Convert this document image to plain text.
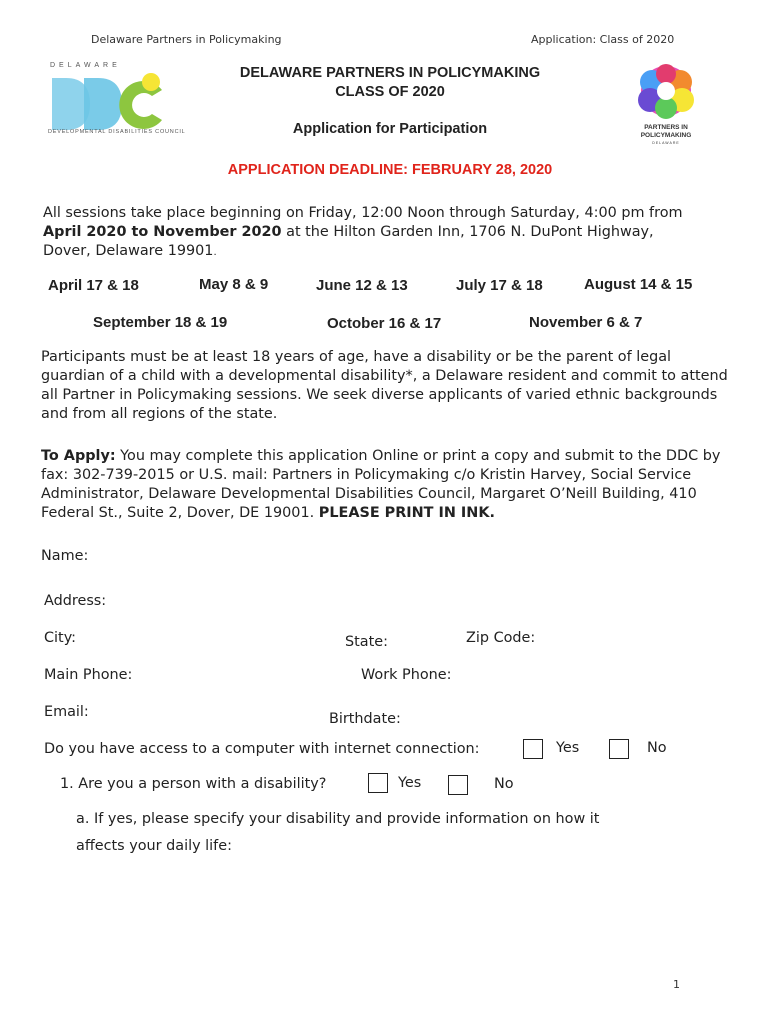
Delaware Partners in Policymaking	Application: Class of 2020
DELAWARE
DEVELOPMENTAL DISABILITIES COUNCIL
PARTNERS IN
POLICYMAKING
DELAWARE
DELAWARE PARTNERS IN POLICYMAKING
CLASS OF 2020
Application for Participation
APPLICATION DEADLINE: FEBRUARY 28, 2020
All sessions take place beginning on Friday, 12:00 Noon through Saturday, 4:00 pm from April 2020 to November 2020 at the Hilton Garden Inn, 1706 N. DuPont Highway, Dover, Delaware 19901.
April 17 & 18	May 8 & 9	June 12 & 13	July 17 & 18	August 14 & 15
September 18 & 19	October 16 & 17	November 6 & 7
Participants must be at least 18 years of age, have a disability or be the parent of legal guardian of a child with a developmental disability*, a Delaware resident and commit to attend all Partner in Policymaking sessions. We seek diverse applicants of varied ethnic backgrounds and from all regions of the state.
To Apply: You may complete this application Online or print a copy and submit to the DDC by fax: 302-739-2015 or U.S. mail: Partners in Policymaking c/o Kristin Harvey, Social Service Administrator, Delaware Developmental Disabilities Council, Margaret O’Neill Building, 410 Federal St., Suite 2, Dover, DE 19001. PLEASE PRINT IN INK.
Name:
Address:
City:	State:	Zip Code:
Main Phone:	Work Phone:
Email:	Birthdate:
Do you have access to a computer with internet connection:	Yes	No
1. Are you a person with a disability?	Yes	No
a. If yes, please specify your disability and provide information on how it
affects your daily life:
1
